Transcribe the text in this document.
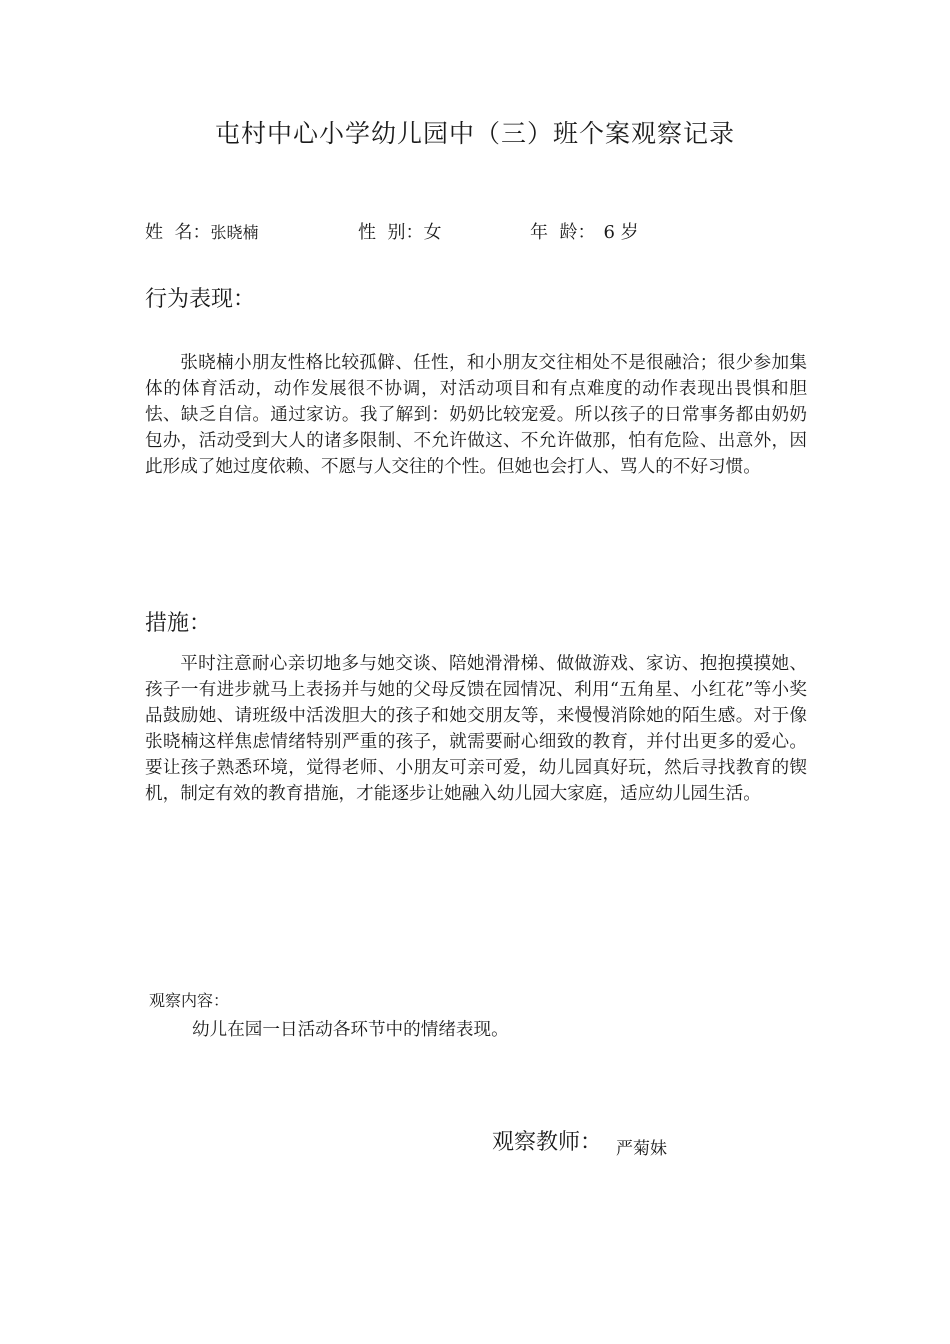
屯村中心小学幼儿园中（三）班个案观察记录
姓  名：张晓楠	性  别：女	年  龄： 6 岁
行为表现：
张晓楠小朋友性格比较孤僻、任性，和小朋友交往相处不是很融洽；很少参加集体的体育活动，动作发展很不协调，对活动项目和有点难度的动作表现出畏惧和胆怯、缺乏自信。通过家访。我了解到：奶奶比较宠爱。所以孩子的日常事务都由奶奶包办，活动受到大人的诸多限制、不允许做这、不允许做那，怕有危险、出意外，因此形成了她过度依赖、不愿与人交往的个性。但她也会打人、骂人的不好习惯。
措施：
平时注意耐心亲切地多与她交谈、陪她滑滑梯、做做游戏、家访、抱抱摸摸她、孩子一有进步就马上表扬并与她的父母反馈在园情况、利用“五角星、小红花”等小奖品鼓励她、请班级中活泼胆大的孩子和她交朋友等，来慢慢消除她的陌生感。对于像张晓楠这样焦虑情绪特别严重的孩子，就需要耐心细致的教育，并付出更多的爱心。要让孩子熟悉环境，觉得老师、小朋友可亲可爱，幼儿园真好玩，然后寻找教育的锲机，制定有效的教育措施，才能逐步让她融入幼儿园大家庭，适应幼儿园生活。
观察内容：
幼儿在园一日活动各环节中的情绪表现。
观察教师： 严菊妹
